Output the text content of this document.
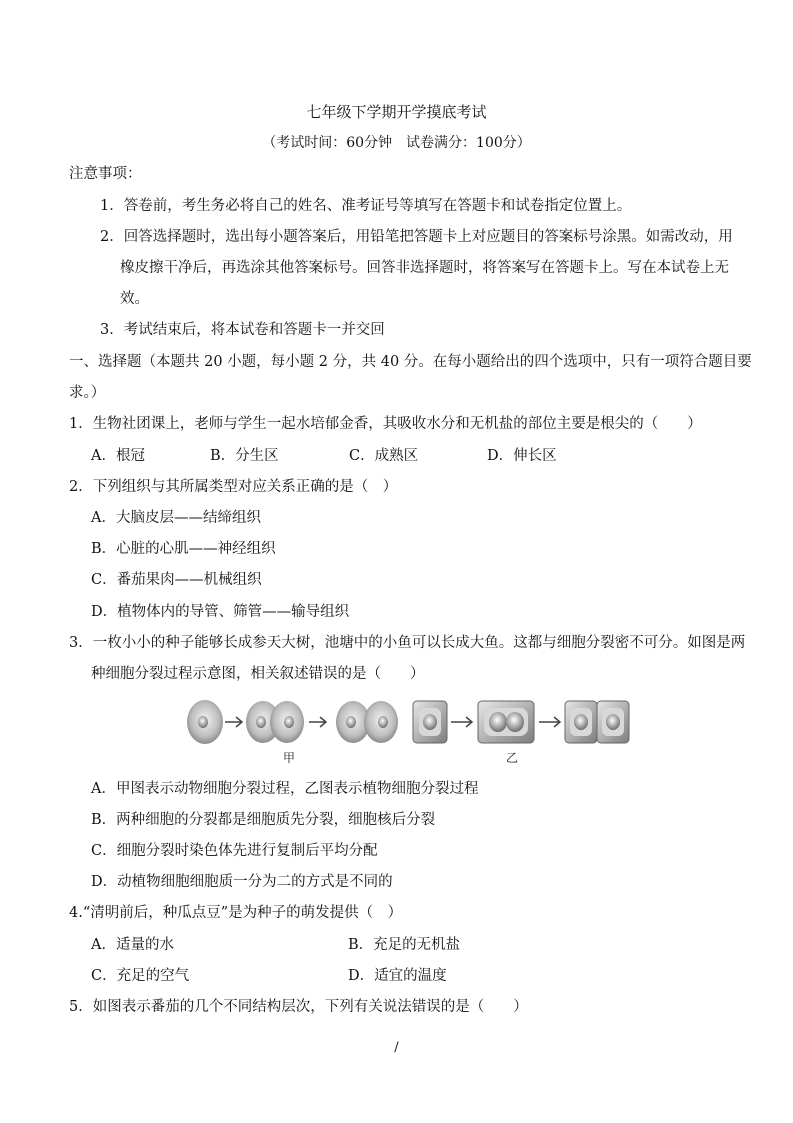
七年级下学期开学摸底考试
（考试时间：60分钟　试卷满分：100分）
注意事项：
1．答卷前，考生务必将自己的姓名、准考证号等填写在答题卡和试卷指定位置上。
2．回答选择题时，选出每小题答案后，用铅笔把答题卡上对应题目的答案标号涂黑。如需改动，用
橡皮擦干净后，再选涂其他答案标号。回答非选择题时，将答案写在答题卡上。写在本试卷上无
效。
3．考试结束后，将本试卷和答题卡一并交回
一、选择题（本题共 20 小题，每小题 2 分，共 40 分。在每小题给出的四个选项中，只有一项符合题目要
求。）
1．生物社团课上，老师与学生一起水培郁金香，其吸收水分和无机盐的部位主要是根尖的（　　）
A．根冠	B．分生区	C．成熟区	D．伸长区
2．下列组织与其所属类型对应关系正确的是（　）
A．大脑皮层——结缔组织
B．心脏的心肌——神经组织
C．番茄果肉——机械组织
D．植物体内的导管、筛管——输导组织
3．一枚小小的种子能够长成参天大树，池塘中的小鱼可以长成大鱼。这都与细胞分裂密不可分。如图是两
种细胞分裂过程示意图，相关叙述错误的是（　　）
甲	乙
A．甲图表示动物细胞分裂过程，乙图表示植物细胞分裂过程
B．两种细胞的分裂都是细胞质先分裂，细胞核后分裂
C．细胞分裂时染色体先进行复制后平均分配
D．动植物细胞细胞质一分为二的方式是不同的
4.“清明前后，种瓜点豆”是为种子的萌发提供（　）
A．适量的水	B．充足的无机盐
C．充足的空气	D．适宜的温度
5．如图表示番茄的几个不同结构层次，下列有关说法错误的是（　　）
/
